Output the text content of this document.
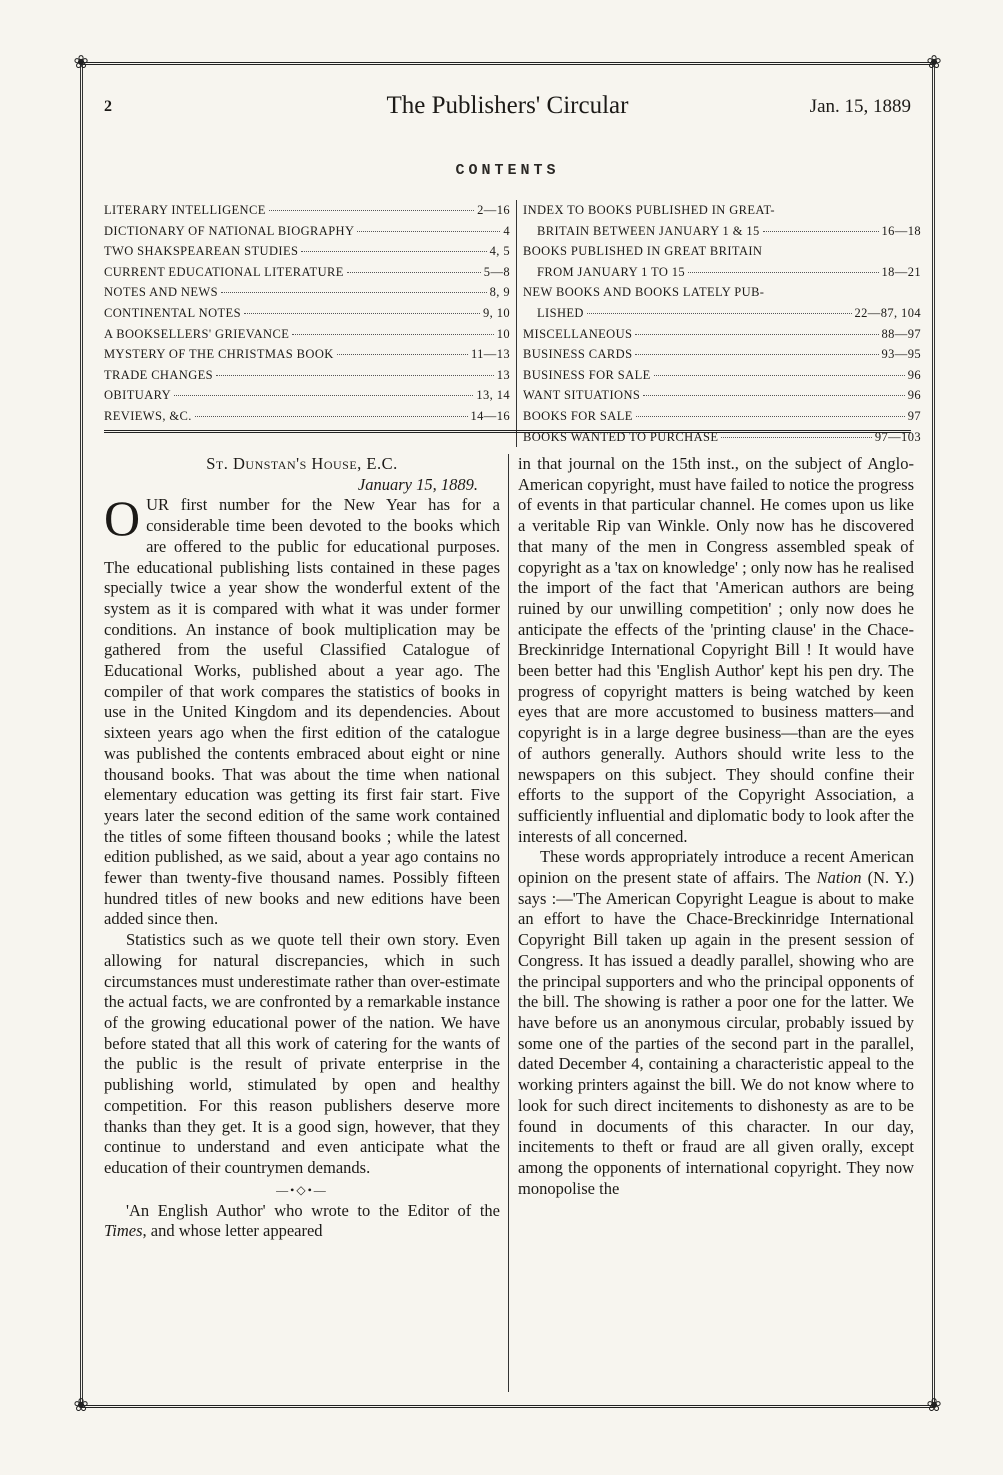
❀	❀
❀	❀
2	The Publishers' Circular	Jan. 15, 1889
CONTENTS
LITERARY INTELLIGENCE	2—16
DICTIONARY OF NATIONAL BIOGRAPHY	4
TWO SHAKSPEAREAN STUDIES	4, 5
CURRENT EDUCATIONAL LITERATURE	5—8
NOTES AND NEWS	8, 9
CONTINENTAL NOTES	9, 10
A BOOKSELLERS' GRIEVANCE	10
MYSTERY OF THE CHRISTMAS BOOK	11—13
TRADE CHANGES	13
OBITUARY	13, 14
REVIEWS, &C.	14—16
INDEX TO BOOKS PUBLISHED IN GREAT-
BRITAIN BETWEEN JANUARY 1 & 15	16—18
BOOKS PUBLISHED IN GREAT BRITAIN
FROM JANUARY 1 TO 15	18—21
NEW BOOKS AND BOOKS LATELY PUB-
LISHED	22—87, 104
MISCELLANEOUS	88—97
BUSINESS CARDS	93—95
BUSINESS FOR SALE	96
WANT SITUATIONS	96
BOOKS FOR SALE	97
BOOKS WANTED TO PURCHASE	97—103
St. Dunstan's House, E.C.
January 15, 1889.

OUR first number for the New Year has for a considerable time been devoted to the books which are offered to the public for educational purposes. The educational publishing lists contained in these pages specially twice a year show the wonderful extent of the system as it is compared with what it was under former conditions. An instance of book multiplication may be gathered from the useful Classified Catalogue of Educational Works, published about a year ago. The compiler of that work compares the statistics of books in use in the United Kingdom and its dependencies. About sixteen years ago when the first edition of the catalogue was published the contents embraced about eight or nine thousand books. That was about the time when national elementary education was getting its first fair start. Five years later the second edition of the same work contained the titles of some fifteen thousand books ; while the latest edition published, as we said, about a year ago contains no fewer than twenty-five thousand names. Possibly fifteen hundred titles of new books and new editions have been added since then.

Statistics such as we quote tell their own story. Even allowing for natural discrepancies, which in such circumstances must underestimate rather than over-estimate the actual facts, we are confronted by a remarkable instance of the growing educational power of the nation. We have before stated that all this work of catering for the wants of the public is the result of private enterprise in the publishing world, stimulated by open and healthy competition. For this reason publishers deserve more thanks than they get. It is a good sign, however, that they continue to understand and even anticipate what the education of their countrymen demands.

—•◇•—

'An English Author' who wrote to the Editor of the Times, and whose letter appeared

in that journal on the 15th inst., on the subject of Anglo-American copyright, must have failed to notice the progress of events in that particular channel. He comes upon us like a veritable Rip van Winkle. Only now has he discovered that many of the men in Congress assembled speak of copyright as a 'tax on knowledge' ; only now has he realised the import of the fact that 'American authors are being ruined by our unwilling competition' ; only now does he anticipate the effects of the 'printing clause' in the Chace-Breckinridge International Copyright Bill ! It would have been better had this 'English Author' kept his pen dry. The progress of copyright matters is being watched by keen eyes that are more accustomed to business matters—and copyright is in a large degree business—than are the eyes of authors generally. Authors should write less to the newspapers on this subject. They should confine their efforts to the support of the Copyright Association, a sufficiently influential and diplomatic body to look after the interests of all concerned.

These words appropriately introduce a recent American opinion on the present state of affairs. The Nation (N. Y.) says :—'The American Copyright League is about to make an effort to have the Chace-Breckinridge International Copyright Bill taken up again in the present session of Congress. It has issued a deadly parallel, showing who are the principal supporters and who the principal opponents of the bill. The showing is rather a poor one for the latter. We have before us an anonymous circular, probably issued by some one of the parties of the second part in the parallel, dated December 4, containing a characteristic appeal to the working printers against the bill. We do not know where to look for such direct incitements to dishonesty as are to be found in documents of this character. In our day, incitements to theft or fraud are all given orally, except among the opponents of international copyright. They now monopolise the
